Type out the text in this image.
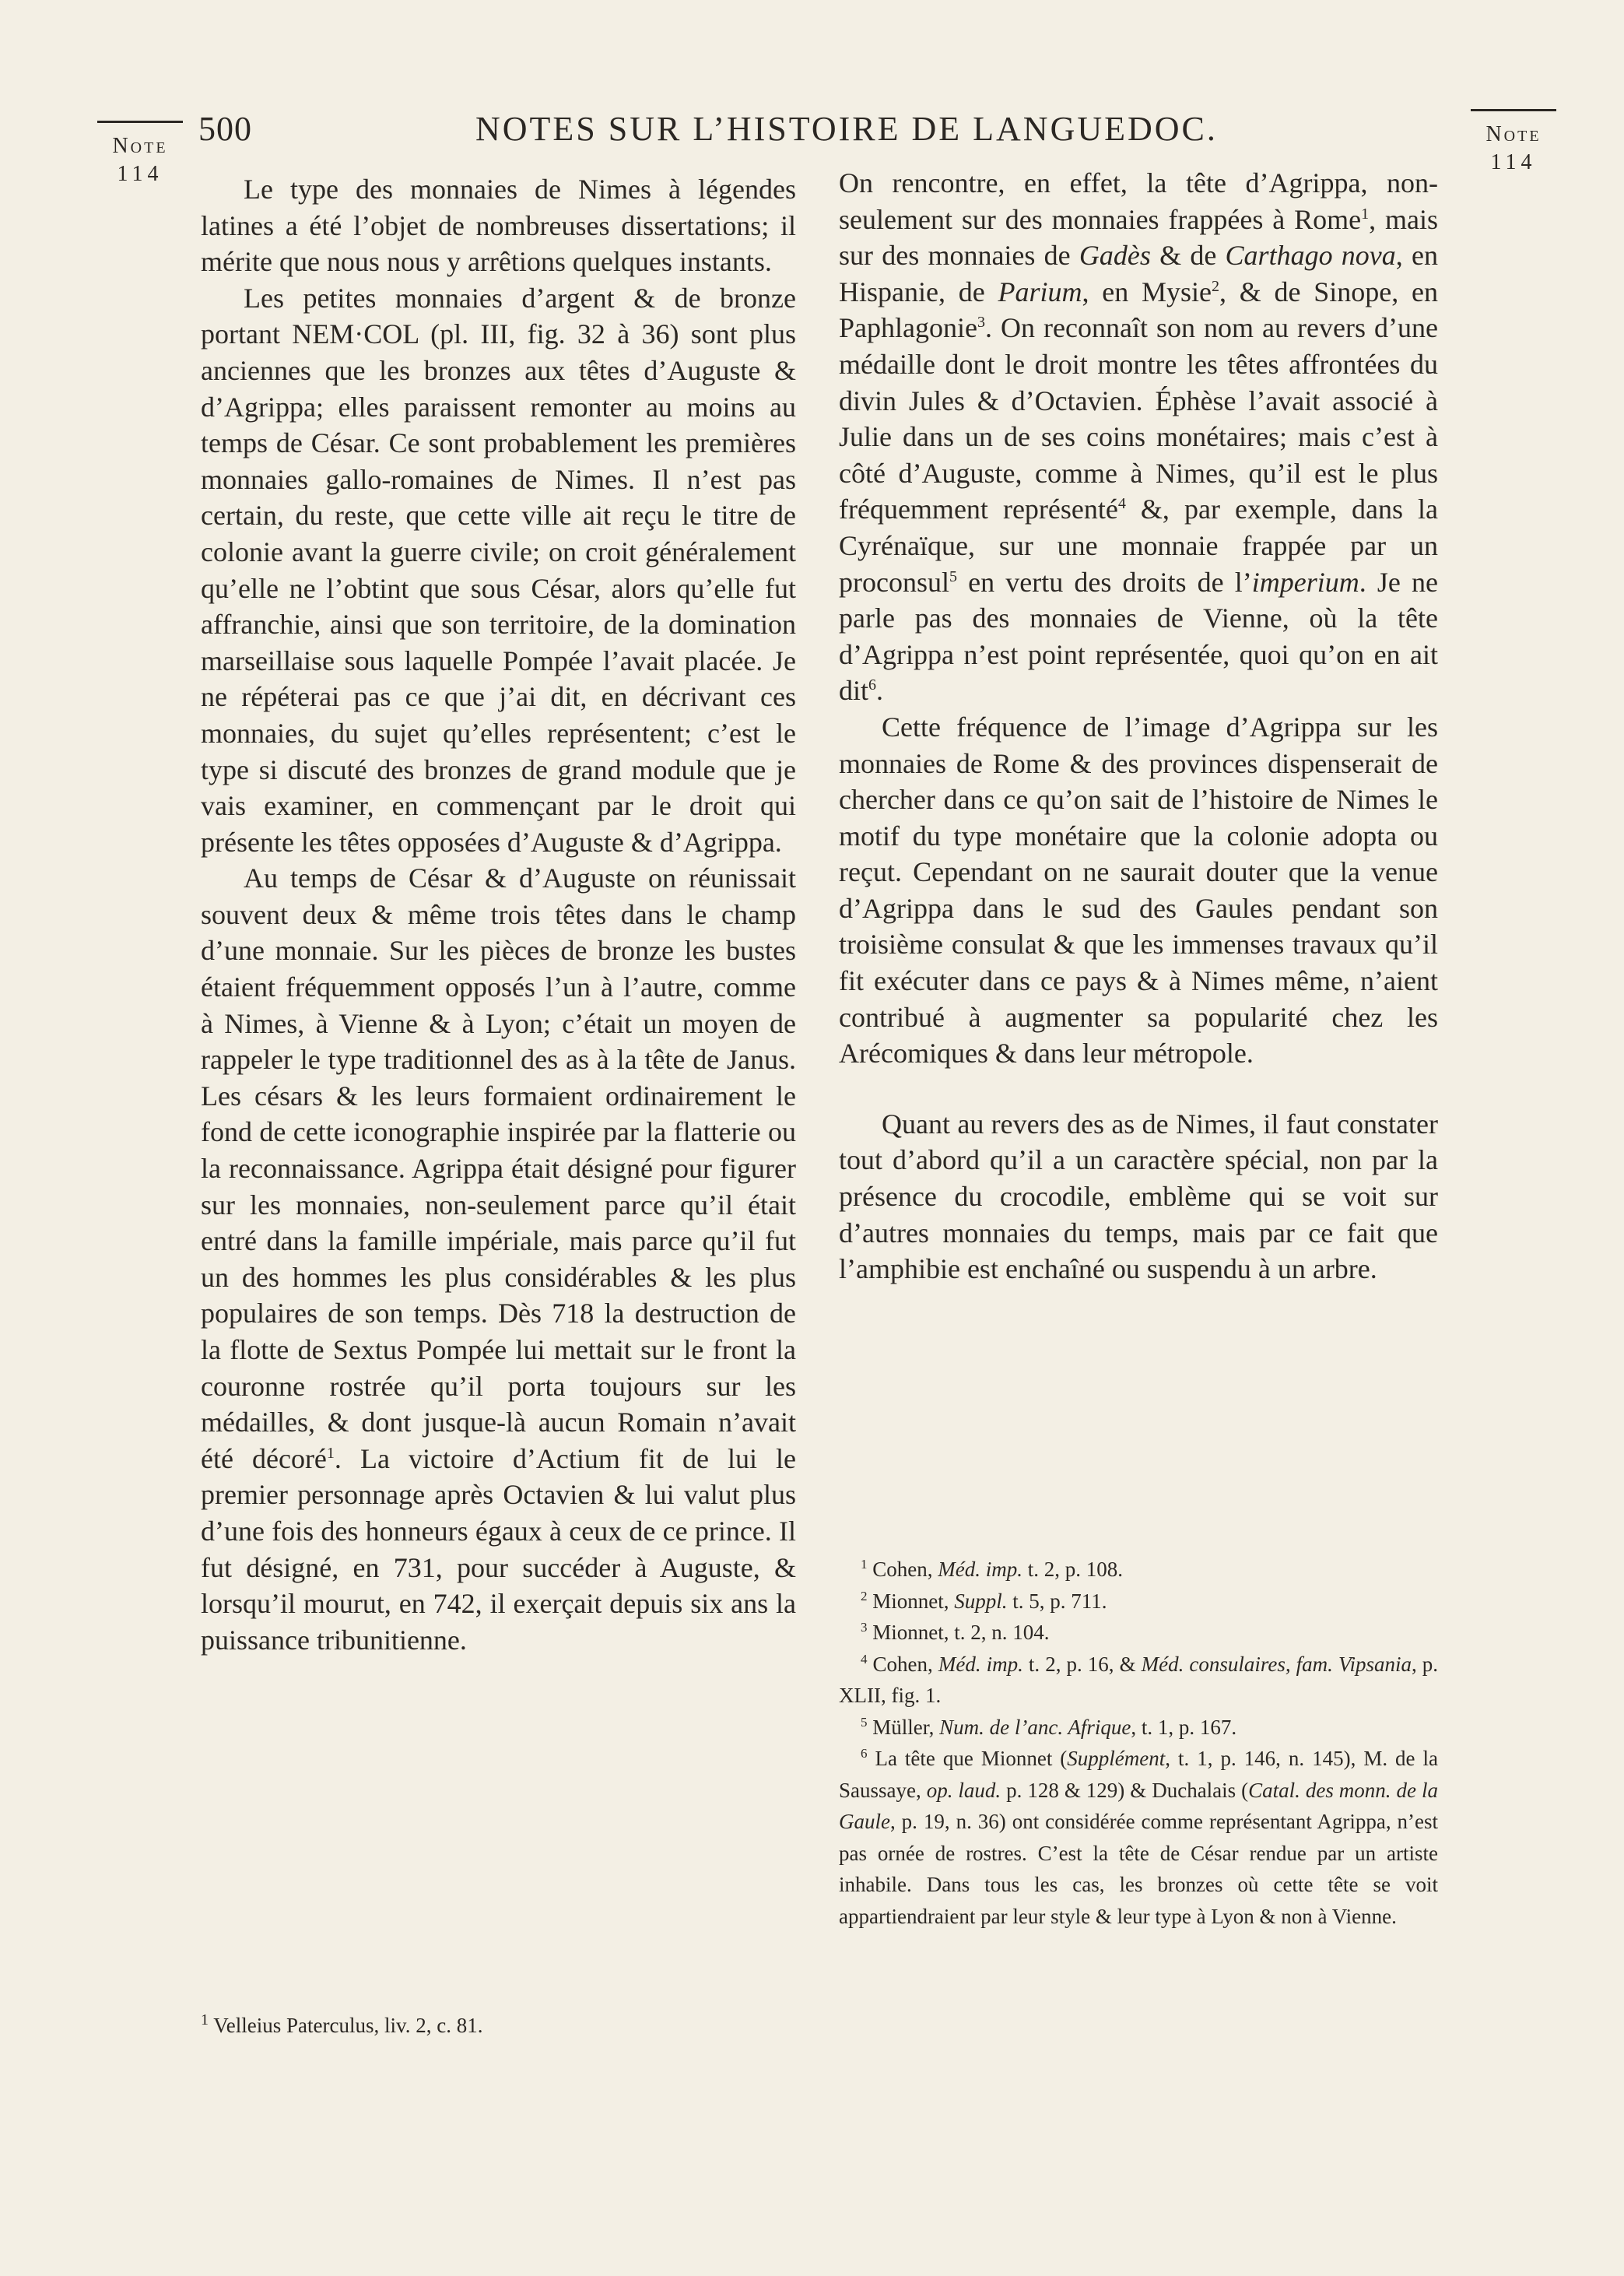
500	NOTES SUR L’HISTOIRE DE LANGUEDOC.
Note
114
Note
114

Le type des monnaies de Nimes à légendes latines a été l’objet de nombreuses dissertations; il mérite que nous nous y arrêtions quelques instants.

Les petites monnaies d’argent & de bronze portant NEM·COL (pl. III, fig. 32 à 36) sont plus anciennes que les bronzes aux têtes d’Auguste & d’Agrippa; elles paraissent remonter au moins au temps de César. Ce sont probablement les premières monnaies gallo-romaines de Nimes. Il n’est pas certain, du reste, que cette ville ait reçu le titre de colonie avant la guerre civile; on croit généralement qu’elle ne l’obtint que sous César, alors qu’elle fut affranchie, ainsi que son territoire, de la domination marseillaise sous laquelle Pompée l’avait placée. Je ne répéterai pas ce que j’ai dit, en décrivant ces monnaies, du sujet qu’elles représentent; c’est le type si discuté des bronzes de grand module que je vais examiner, en commençant par le droit qui présente les têtes opposées d’Auguste & d’Agrippa.

Au temps de César & d’Auguste on réunissait souvent deux & même trois têtes dans le champ d’une monnaie. Sur les pièces de bronze les bustes étaient fréquemment opposés l’un à l’autre, comme à Nimes, à Vienne & à Lyon; c’était un moyen de rappeler le type traditionnel des as à la tête de Janus. Les césars & les leurs formaient ordinairement le fond de cette iconographie inspirée par la flatterie ou la reconnaissance. Agrippa était désigné pour figurer sur les monnaies, non-seulement parce qu’il était entré dans la famille impériale, mais parce qu’il fut un des hommes les plus considérables & les plus populaires de son temps. Dès 718 la destruction de la flotte de Sextus Pompée lui mettait sur le front la couronne rostrée qu’il porta toujours sur les médailles, & dont jusque-là aucun Romain n’avait été décoré$^1$. La victoire d’Actium fit de lui le premier personnage après Octavien & lui valut plus d’une fois des honneurs égaux à ceux de ce prince. Il fut désigné, en 731, pour succéder à Auguste, & lorsqu’il mourut, en 742, il exerçait depuis six ans la puissance tribunitienne.

$^1$ Velleius Paterculus, liv. 2, c. 81.

On rencontre, en effet, la tête d’Agrippa, non-seulement sur des monnaies frappées à Rome$^1$, mais sur des monnaies de Gadès & de Carthago nova, en Hispanie, de Parium, en Mysie$^2$, & de Sinope, en Paphlagonie$^3$. On reconnaît son nom au revers d’une médaille dont le droit montre les têtes affrontées du divin Jules & d’Octavien. Éphèse l’avait associé à Julie dans un de ses coins monétaires; mais c’est à côté d’Auguste, comme à Nimes, qu’il est le plus fréquemment représenté$^4$ &, par exemple, dans la Cyrénaïque, sur une monnaie frappée par un proconsul$^5$ en vertu des droits de l’imperium. Je ne parle pas des monnaies de Vienne, où la tête d’Agrippa n’est point représentée, quoi qu’on en ait dit$^6$.

Cette fréquence de l’image d’Agrippa sur les monnaies de Rome & des provinces dispenserait de chercher dans ce qu’on sait de l’histoire de Nimes le motif du type monétaire que la colonie adopta ou reçut. Cependant on ne saurait douter que la venue d’Agrippa dans le sud des Gaules pendant son troisième consulat & que les immenses travaux qu’il fit exécuter dans ce pays & à Nimes même, n’aient contribué à augmenter sa popularité chez les Arécomiques & dans leur métropole.

Quant au revers des as de Nimes, il faut constater tout d’abord qu’il a un caractère spécial, non par la présence du crocodile, emblème qui se voit sur d’autres monnaies du temps, mais par ce fait que l’amphibie est enchaîné ou suspendu à un arbre.

$^1$ Cohen, Méd. imp. t. 2, p. 108.

$^2$ Mionnet, Suppl. t. 5, p. 711.

$^3$ Mionnet, t. 2, n. 104.

$^4$ Cohen, Méd. imp. t. 2, p. 16, & Méd. consulaires, fam. Vipsania, p. XLII, fig. 1.

$^5$ Müller, Num. de l’anc. Afrique, t. 1, p. 167.

$^6$ La tête que Mionnet (Supplément, t. 1, p. 146, n. 145), M. de la Saussaye, op. laud. p. 128 & 129) & Duchalais (Catal. des monn. de la Gaule, p. 19, n. 36) ont considérée comme représentant Agrippa, n’est pas ornée de rostres. C’est la tête de César rendue par un artiste inhabile. Dans tous les cas, les bronzes où cette tête se voit appartiendraient par leur style & leur type à Lyon & non à Vienne.
